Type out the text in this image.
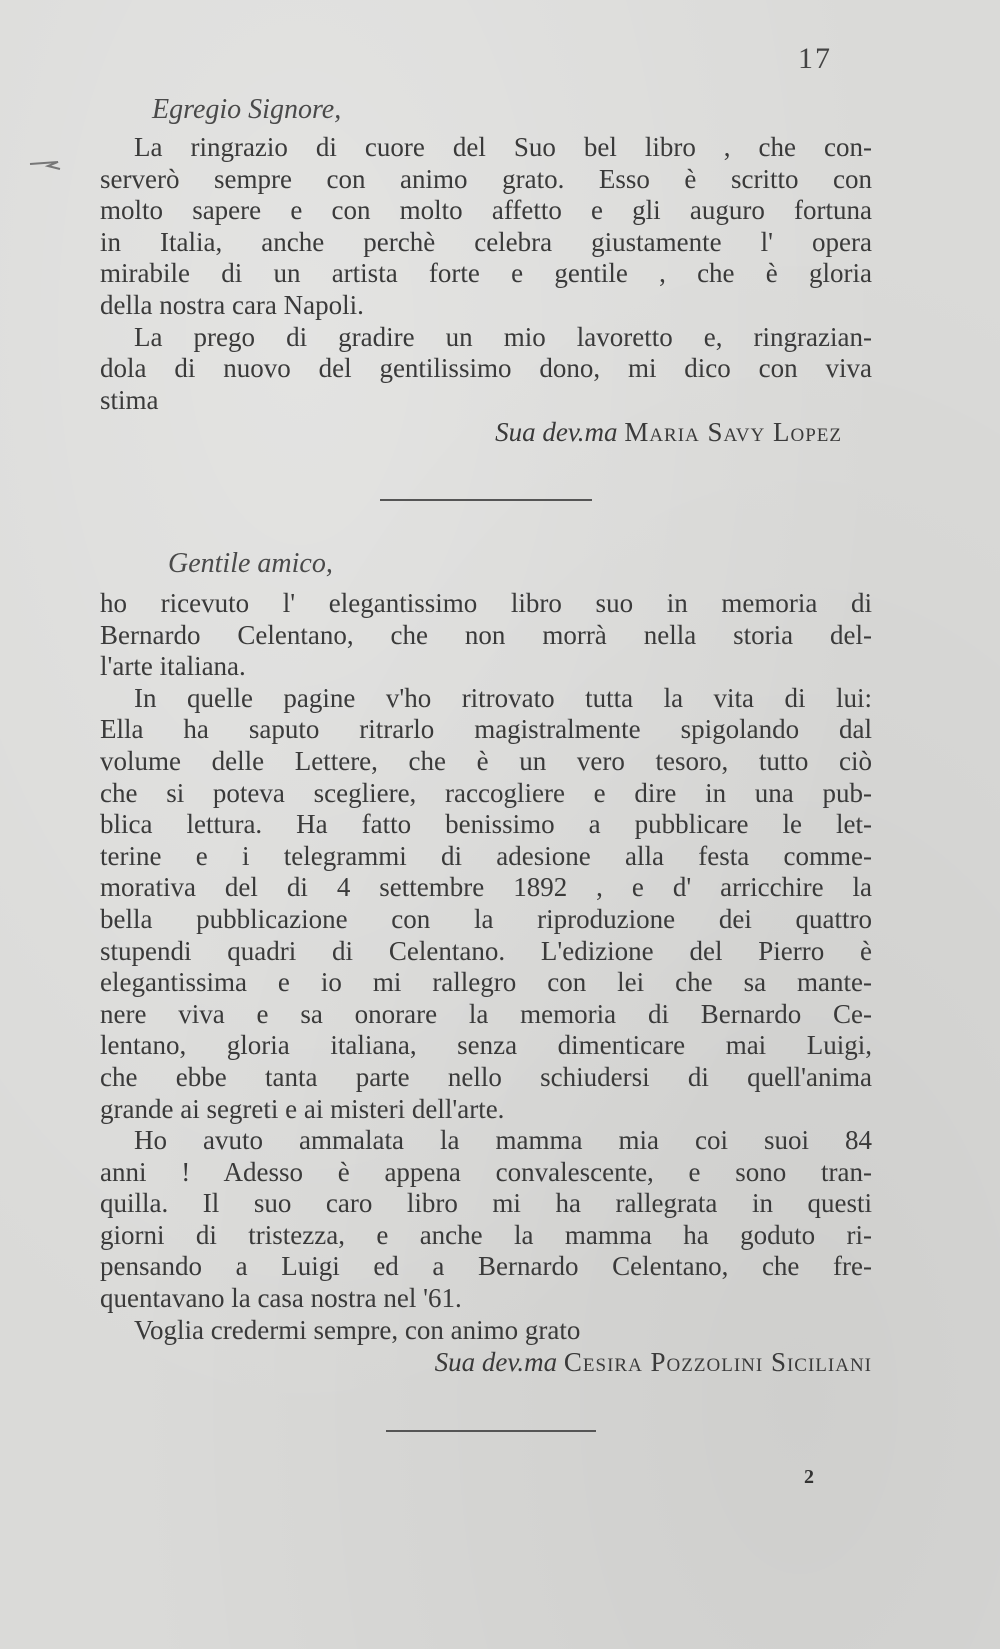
17
Egregio Signore,
La ringrazio di cuore del Suo bel libro , che con-
serverò sempre con animo grato. Esso è scritto con
molto sapere e con molto affetto e gli auguro fortuna
in Italia, anche perchè celebra giustamente l' opera
mirabile di un artista forte e gentile , che è gloria
della nostra cara Napoli.
La prego di gradire un mio lavoretto e, ringrazian-
dola di nuovo del gentilissimo dono, mi dico con viva
stima
Sua dev.ma Maria Savy Lopez
Gentile amico,
ho ricevuto l' elegantissimo libro suo in memoria di
Bernardo Celentano, che non morrà nella storia del-
l'arte italiana.
In quelle pagine v'ho ritrovato tutta la vita di lui:
Ella ha saputo ritrarlo magistralmente spigolando dal
volume delle Lettere, che è un vero tesoro, tutto ciò
che si poteva scegliere, raccogliere e dire in una pub-
blica lettura. Ha fatto benissimo a pubblicare le let-
terine e i telegrammi di adesione alla festa comme-
morativa del di 4 settembre 1892 , e d' arricchire la
bella pubblicazione con la riproduzione dei quattro
stupendi quadri di Celentano. L'edizione del Pierro è
elegantissima e io mi rallegro con lei che sa mante-
nere viva e sa onorare la memoria di Bernardo Ce-
lentano, gloria italiana, senza dimenticare mai Luigi,
che ebbe tanta parte nello schiudersi di quell'anima
grande ai segreti e ai misteri dell'arte.
Ho avuto ammalata la mamma mia coi suoi 84
anni ! Adesso è appena convalescente, e sono tran-
quilla. Il suo caro libro mi ha rallegrata in questi
giorni di tristezza, e anche la mamma ha goduto ri-
pensando a Luigi ed a Bernardo Celentano, che fre-
quentavano la casa nostra nel '61.
Voglia credermi sempre, con animo grato
Sua dev.ma Cesira Pozzolini Siciliani
2
